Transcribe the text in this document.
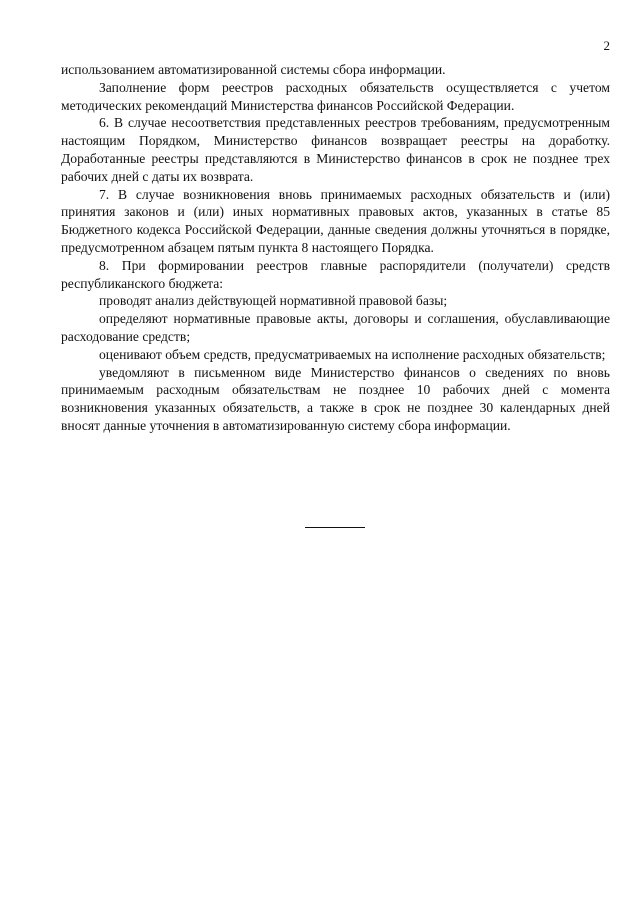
2

использованием автоматизированной системы сбора информации.

Заполнение форм реестров расходных обязательств осуществляется с учетом методических рекомендаций Министерства финансов Российской Федерации.

6. В случае несоответствия представленных реестров требованиям, предусмотренным настоящим Порядком, Министерство финансов возвращает реестры на доработку. Доработанные реестры представляются в Министерство финансов в срок не позднее трех рабочих дней с даты их возврата.

7. В случае возникновения вновь принимаемых расходных обязательств и (или) принятия законов и (или) иных нормативных правовых актов, указанных в статье 85 Бюджетного кодекса Российской Федерации, данные сведения должны уточняться в порядке, предусмотренном абзацем пятым пункта 8 настоящего Порядка.

8. При формировании реестров главные распорядители (получатели) средств республиканского бюджета:

проводят анализ действующей нормативной правовой базы;

определяют нормативные правовые акты, договоры и соглашения, обуславливающие расходование средств;

оценивают объем средств, предусматриваемых на исполнение расходных обязательств;

уведомляют в письменном виде Министерство финансов о сведениях по вновь принимаемым расходным обязательствам не позднее 10 рабочих дней с момента возникновения указанных обязательств, а также в срок не позднее 30 календарных дней вносят данные уточнения в автоматизированную систему сбора информации.
